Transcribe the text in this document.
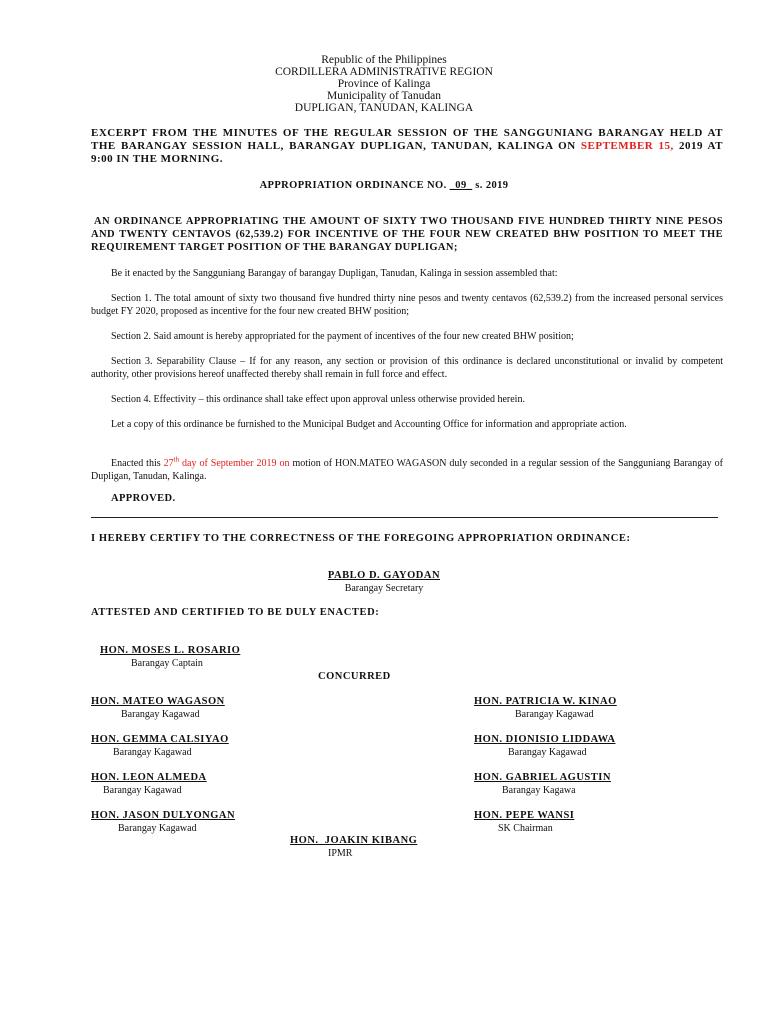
Republic of the Philippines
CORDILLERA ADMINISTRATIVE REGION
Province of Kalinga
Municipality of Tanudan
DUPLIGAN, TANUDAN, KALINGA
EXCERPT FROM THE MINUTES OF THE REGULAR SESSION OF THE SANGGUNIANG BARANGAY HELD AT THE BARANGAY SESSION HALL, BARANGAY DUPLIGAN, TANUDAN, KALINGA ON SEPTEMBER 15, 2019 AT 9:00 IN THE MORNING.
APPROPRIATION ORDINANCE NO. _09_ s. 2019
AN ORDINANCE APPROPRIATING THE AMOUNT OF SIXTY TWO THOUSAND FIVE HUNDRED THIRTY NINE PESOS AND TWENTY CENTAVOS (62,539.2) FOR INCENTIVE OF THE FOUR NEW CREATED BHW POSITION TO MEET THE REQUIREMENT TARGET POSITION OF THE BARANGAY DUPLIGAN;
Be it enacted by the Sangguniang Barangay of barangay Dupligan, Tanudan, Kalinga in session assembled that:
Section 1. The total amount of sixty two thousand five hundred thirty nine pesos and twenty centavos (62,539.2) from the increased personal services budget FY 2020, proposed as incentive for the four new created BHW position;
Section 2. Said amount is hereby appropriated for the payment of incentives of the four new created BHW position;
Section 3. Separability Clause – If for any reason, any section or provision of this ordinance is declared unconstitutional or invalid by competent authority, other provisions hereof unaffected thereby shall remain in full force and effect.
Section 4. Effectivity – this ordinance shall take effect upon approval unless otherwise provided herein.
Let a copy of this ordinance be furnished to the Municipal Budget and Accounting Office for information and appropriate action.
Enacted this 27th day of September 2019 on motion of HON.MATEO WAGASON duly seconded in a regular session of the Sangguniang Barangay of Dupligan, Tanudan, Kalinga.
APPROVED.
I HEREBY CERTIFY TO THE CORRECTNESS OF THE FOREGOING APPROPRIATION ORDINANCE:
PABLO D. GAYODAN
Barangay Secretary
ATTESTED AND CERTIFIED TO BE DULY ENACTED:
HON. MOSES L. ROSARIO
Barangay Captain
CONCURRED
HON. MATEO WAGASON
Barangay Kagawad
HON. GEMMA CALSIYAO
Barangay Kagawad
HON. LEON ALMEDA
Barangay Kagawad
HON. JASON DULYONGAN
Barangay Kagawad
HON. PATRICIA W. KINAO
Barangay Kagawad
HON. DIONISIO LIDDAWA
Barangay Kagawad
HON. GABRIEL AGUSTIN
Barangay Kagawa
HON. PEPE WANSI
SK Chairman
HON.  JOAKIN KIBANG
IPMR
